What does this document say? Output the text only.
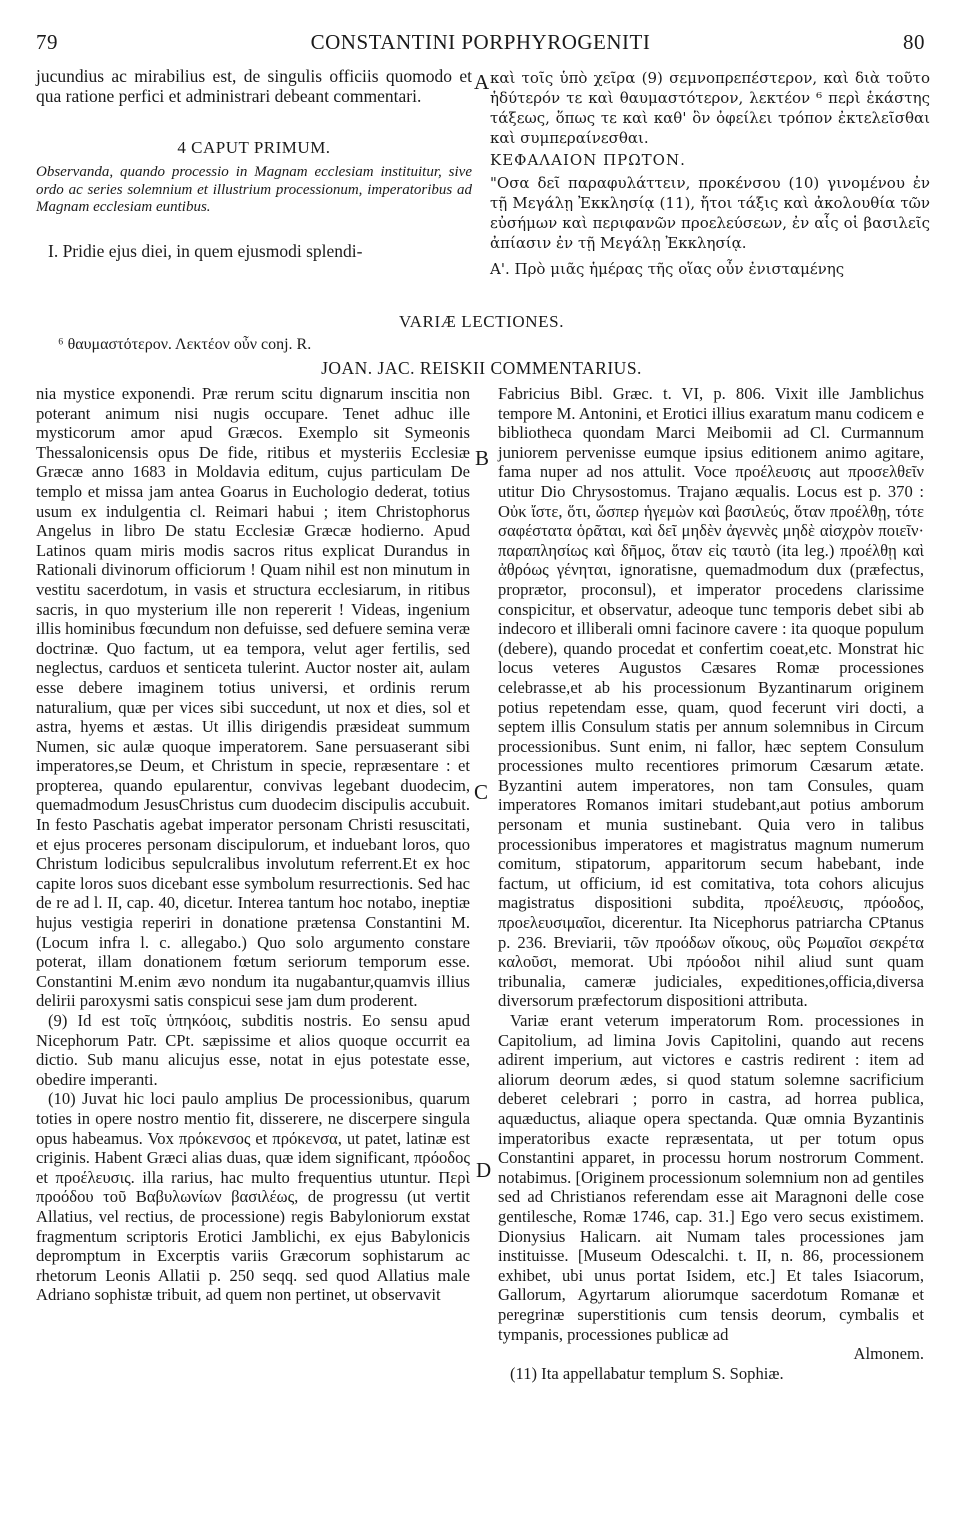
79	CONSTANTINI PORPHYROGENITI	80

jucundius ac mirabilius est, de singulis officiis quomodo et qua ratione perfici et administrari debeant commentari.

4 CAPUT PRIMUM.

Observanda, quando processio in Magnam ecclesiam instituitur, sive ordo ac series solemnium et illustrium processionum, imperatoribus ad Magnam ecclesiam euntibus.

I. Pridie ejus diei, in quem ejusmodi splendi-

A καὶ τοῖς ὑπὸ χεῖρα (9) σεμνοπρεπέστερον, καὶ διὰ τοῦτο ἡδύτερόν τε καὶ θαυμαστότερον, λεκτέον ⁶ περὶ ἑκάστης τάξεως, ὅπως τε καὶ καθ' ὃν ὀφείλει τρόπον ἐκτελεῖσθαι καὶ συμπεραίνεσθαι.

ΚΕΦΑΛΑΙΟΝ ΠΡΩΤΟΝ.

"Οσα δεῖ παραφυλάττειν, προκένσου (10) γινομένου ἐν τῇ Μεγάλῃ Ἐκκλησίᾳ (11), ἤτοι τάξις καὶ ἀκολουθία τῶν εὐσήμων καὶ περιφανῶν προελεύσεων, ἐν αἷς οἱ βασιλεῖς ἀπίασιν ἐν τῇ Μεγάλῃ Ἐκκλησίᾳ.

Α'. Πρὸ μιᾶς ἡμέρας τῆς οἵας οὖν ἐνισταμένης

VARIÆ LECTIONES.
⁶ θαυμαστότερον. Λεκτέον οὖν conj. R.
JOAN. JAC. REISKII COMMENTARIUS.

nia mystice exponendi. Præ rerum scitu dignarum inscitia non poterant animum nisi nugis occupare. Tenet adhuc ille mysticorum amor apud Græcos. Exemplo sit Symeonis Thessalonicensis opus De fide, ritibus et mysteriis Ecclesiæ Græcæ anno 1683 in Moldavia editum, cujus particulam De templo et missa jam antea Goarus in Euchologio dederat, totius usum ex indulgentia cl. Reimari habui ; item Christophorus Angelus in libro De statu Ecclesiæ Græcæ hodierno. Apud Latinos quam miris modis sacros ritus explicat Durandus in Rationali divinorum officiorum ! Quam nihil est non minutum in vestitu sacerdotum, in vasis et structura ecclesiarum, in ritibus sacris, in quo mysterium ille non repererit ! Videas, ingenium illis hominibus fœcundum non defuisse, sed defuere semina veræ doctrinæ. Quo factum, ut ea tempora, velut ager fertilis, sed neglectus, carduos et senticeta tulerint. Auctor noster ait, aulam esse debere imaginem totius universi, et ordinis rerum naturalium, quæ per vices sibi succedunt, ut nox et dies, sol et astra, hyems et æstas. Ut illis dirigendis præsideat summum Numen, sic aulæ quoque imperatorem. Sane persuaserant sibi imperatores,se Deum, et Christum in specie, repræsentare : et propterea, quando epularentur, convivas legebant duodecim, quemadmodum JesusChristus cum duodecim discipulis accubuit. In festo Paschatis agebat imperator personam Christi resuscitati, et ejus proceres personam discipulorum, et induebant loros, quo Christum lodicibus sepulcralibus involutum referrent.Et ex hoc capite loros suos dicebant esse symbolum resurrectionis. Sed hac de re ad l. II, cap. 40, dicetur. Interea tantum hoc notabo, ineptiæ hujus vestigia reperiri in donatione prætensa Constantini M. (Locum infra l. c. allegabo.) Quo solo argumento constare poterat, illam donationem fœtum seriorum temporum esse. Constantini M.enim ævo nondum ita nugabantur,quamvis illius delirii paroxysmi satis conspicui sese jam dum proderent.

(9) Id est τοῖς ὑπηκόοις, subditis nostris. Eo sensu apud Nicephorum Patr. CPt. sæpissime et alios quoque occurrit ea dictio. Sub manu alicujus esse, notat in ejus potestate esse, obedire imperanti.

(10) Juvat hic loci paulo amplius De processionibus, quarum toties in opere nostro mentio fit, disserere, ne discerpere singula opus habeamus. Vox πρόκενσος et πρόκενσα, ut patet, latinæ est criginis. Habent Græci alias duas, quæ idem significant, πρόοδος et προέλευσις. illa rarius, hac multo frequentius utuntur. Περὶ προόδου τοῦ Βαβυλωνίων βασιλέως, de progressu (ut vertit Allatius, vel rectius, de processione) regis Babyloniorum exstat fragmentum scriptoris Erotici Jamblichi, ex ejus Babylonicis depromptum in Excerptis variis Græcorum sophistarum ac rhetorum Leonis Allatii p. 250 seqq. sed quod Allatius male Adriano sophistæ tribuit, ad quem non pertinet, ut observavit

B
C
D

Fabricius Bibl. Græc. t. VI, p. 806. Vixit ille Jamblichus tempore M. Antonini, et Erotici illius exaratum manu codicem e bibliotheca quondam Marci Meibomii ad Cl. Curmannum juniorem pervenisse eumque ipsius editionem animo agitare, fama nuper ad nos attulit. Voce προέλευσις aut προσελθεῖν utitur Dio Chrysostomus. Trajano æqualis. Locus est p. 370 : Οὐκ ἴστε, ὅτι, ὥσπερ ἡγεμὼν καὶ βασιλεύς, ὅταν προέλθῃ, τότε σαφέστατα ὁρᾶται, καὶ δεῖ μηδὲν ἀγεννὲς μηδὲ αἰσχρὸν ποιεῖν· παραπλησίως καὶ δῆμος, ὅταν εἰς ταυτὸ (ita leg.) προέλθῃ καὶ ἀθρόως γένηται, ignoratisne, quemadmodum dux (præfectus, proprætor, proconsul), et imperator procedens clarissime conspicitur, et observatur, adeoque tunc temporis debet sibi ab indecoro et illiberali omni facinore cavere : ita quoque populum (debere), quando procedat et confertim coeat,etc. Monstrat hic locus veteres Augustos Cæsares Romæ processiones celebrasse,et ab his processionum Byzantinarum originem potius repetendam esse, quam, quod fecerunt viri docti, a septem illis Consulum statis per annum solemnibus in Circum processionibus. Sunt enim, ni fallor, hæc septem Consulum processiones multo recentiores primorum Cæsarum ætate. Byzantini autem imperatores, non tam Consules, quam imperatores Romanos imitari studebant,aut potius amborum personam et munia sustinebant. Quia vero in talibus processionibus imperatores et magistratus magnum numerum comitum, stipatorum, apparitorum secum habebant, inde factum, ut officium, id est comitativa, tota cohors alicujus magistratus dispositioni subdita, προέλευσις, πρόοδος, προελευσιμαῖοι, dicerentur. Ita Nicephorus patriarcha CPtanus p. 236. Breviarii, τῶν προόδων οἴκους, οὓς Ρωμαῖοι σεκρέτα καλοῦσι, memorat. Ubi πρόοδοι nihil aliud sunt quam tribunalia, cameræ judiciales, expeditiones,officia,diversa diversorum præfectorum dispositioni attributa.

Variæ erant veterum imperatorum Rom. processiones in Capitolium, ad limina Jovis Capitolini, quando aut recens adirent imperium, aut victores e castris redirent : item ad aliorum deorum ædes, si quod statum solemne sacrificium deberet celebrari ; porro in castra, ad horrea publica, aquæductus, aliaque opera spectanda. Quæ omnia Byzantinis imperatoribus exacte repræsentata, ut per totum opus Constantini apparet, in processu horum nostrorum Comment. notabimus. [Originem processionum solemnium non ad gentiles sed ad Christianos referendam esse ait Maragnoni delle cose gentilesche, Romæ 1746, cap. 31.] Ego vero secus existimem. Dionysius Halicarn. ait Numam tales processiones jam instituisse. [Museum Odescalchi. t. II, n. 86, processionem exhibet, ubi unus portat Isidem, etc.] Et tales Isiacorum, Gallorum, Agyrtarum aliorumque sacerdotum Romanæ et peregrinæ superstitionis cum tensis deorum, cymbalis et tympanis, processiones publicæ ad

Almonem.

(11) Ita appellabatur templum S. Sophiæ.
